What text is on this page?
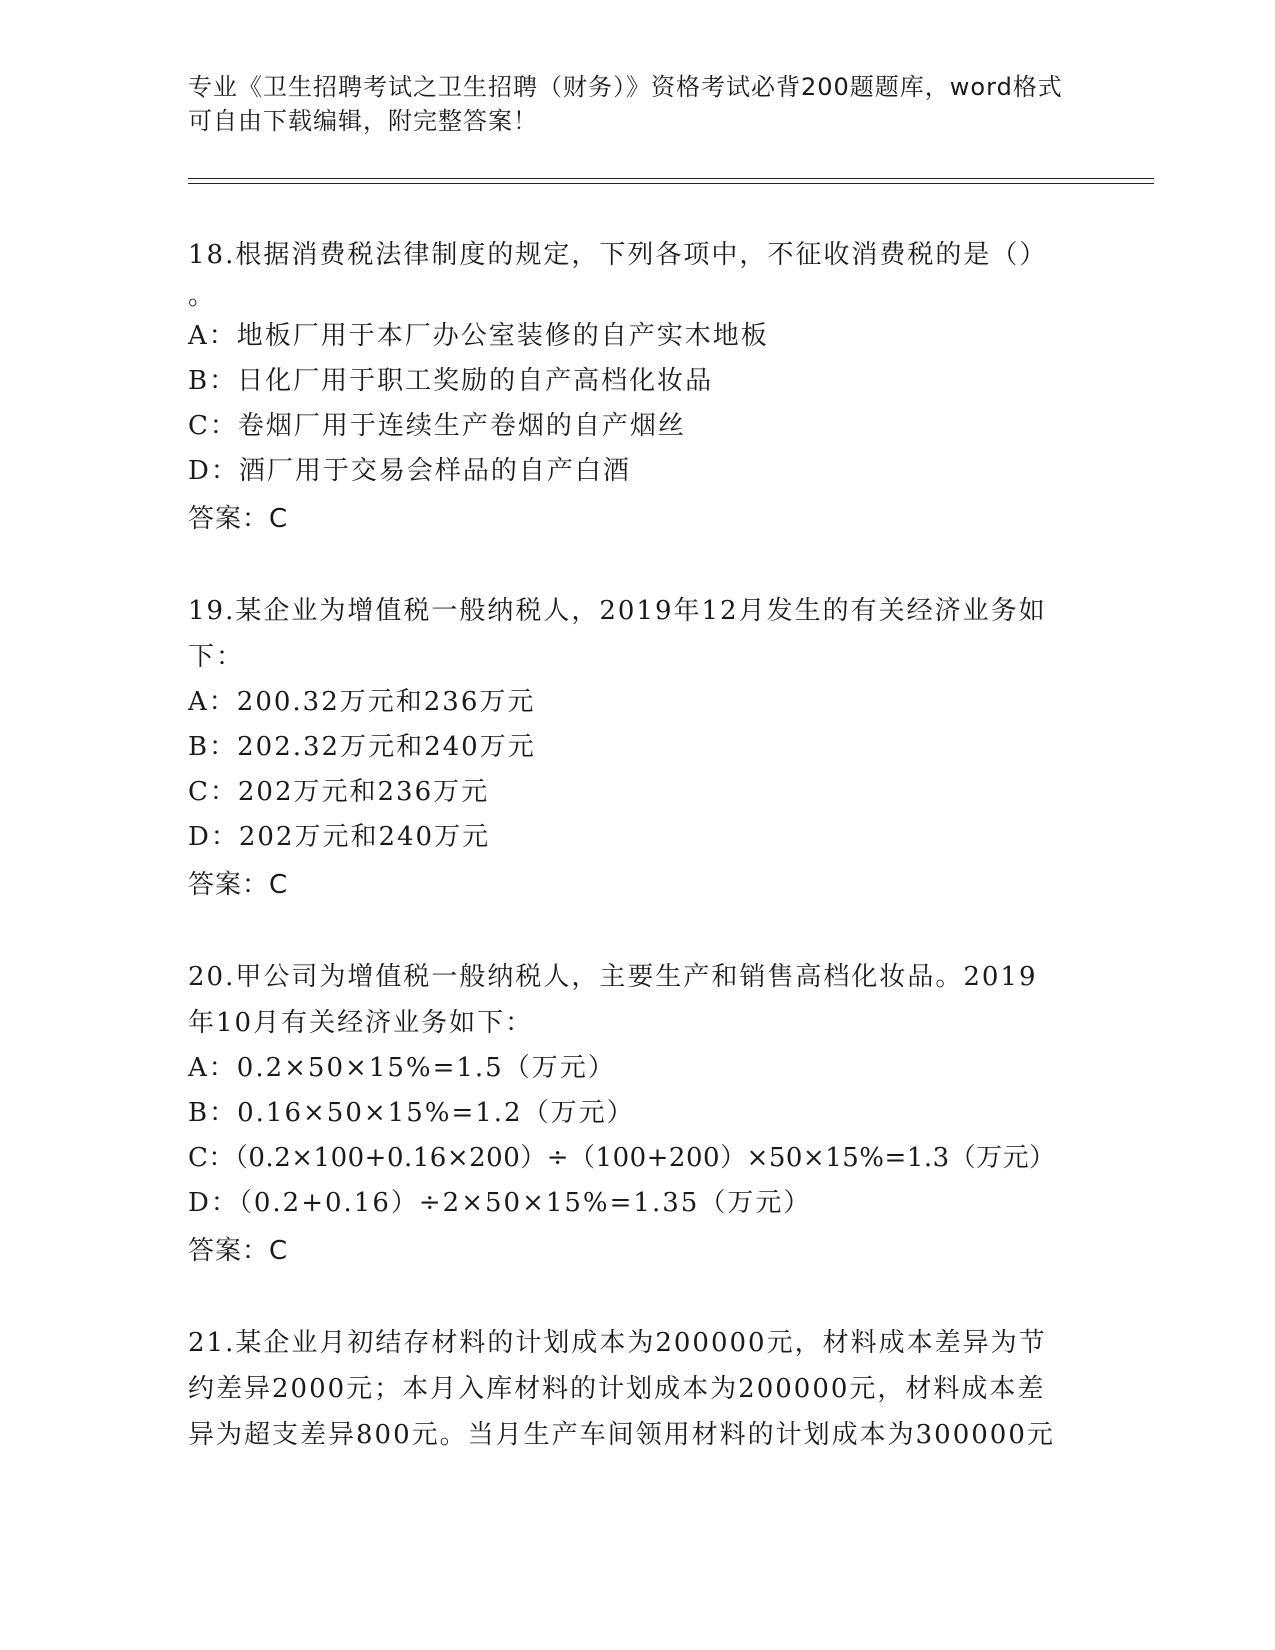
专业《卫生招聘考试之卫生招聘（财务）》资格考试必背200题题库，word格式
可自由下载编辑，附完整答案！
18.根据消费税法律制度的规定，下列各项中，不征收消费税的是（）
。
A：地板厂用于本厂办公室装修的自产实木地板
B：日化厂用于职工奖励的自产高档化妆品
C：卷烟厂用于连续生产卷烟的自产烟丝
D：酒厂用于交易会样品的自产白酒
答案：C
19.某企业为增值税一般纳税人，2019年12月发生的有关经济业务如
下：
A：200.32万元和236万元
B：202.32万元和240万元
C：202万元和236万元
D：202万元和240万元
答案：C
20.甲公司为增值税一般纳税人，主要生产和销售高档化妆品。2019
年10月有关经济业务如下：
A：0.2×50×15%=1.5（万元）
B：0.16×50×15%=1.2（万元）
C：（0.2×100+0.16×200）÷（100+200）×50×15%=1.3（万元）
D：（0.2+0.16）÷2×50×15%=1.35（万元）
答案：C
21.某企业月初结存材料的计划成本为200000元，材料成本差异为节
约差异2000元；本月入库材料的计划成本为200000元，材料成本差
异为超支差异800元。当月生产车间领用材料的计划成本为300000元
